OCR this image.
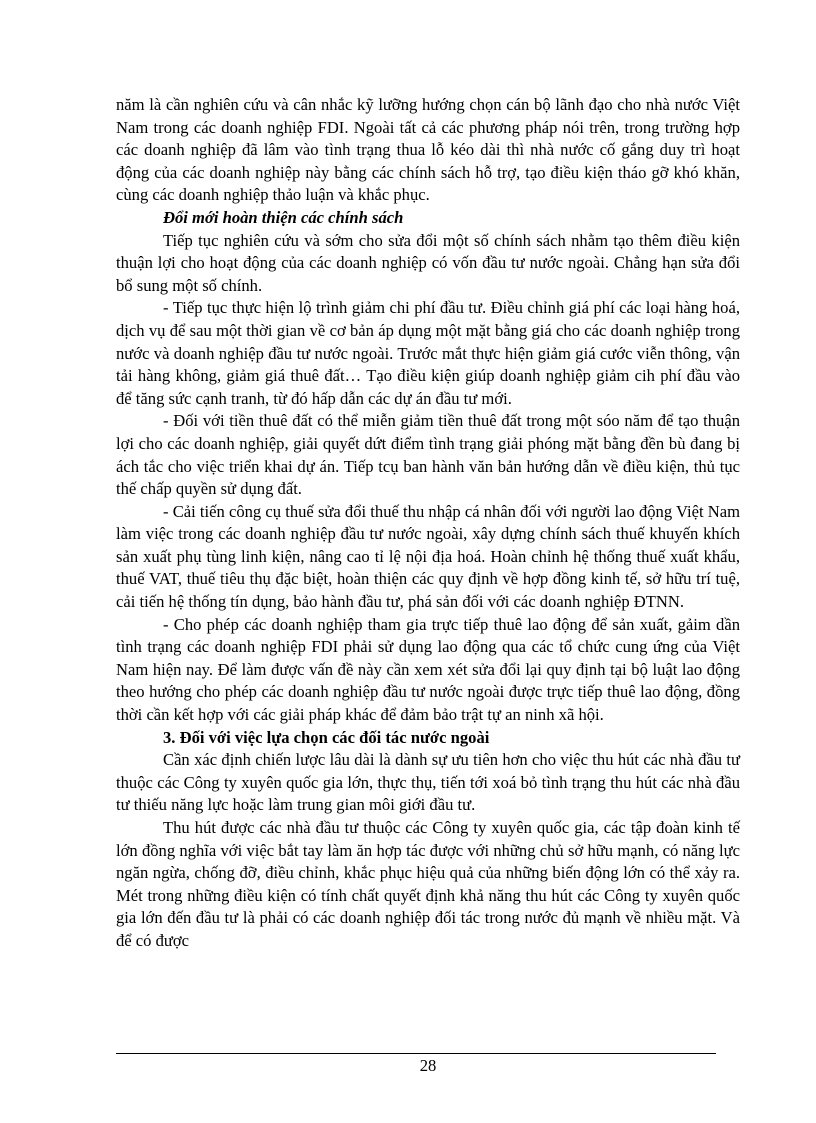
năm là cần nghiên cứu và cân nhắc kỹ lưỡng hướng chọn cán bộ lãnh đạo cho nhà nước Việt Nam trong các doanh nghiệp FDI. Ngoài tất cả các phương pháp nói trên, trong trường hợp các doanh nghiệp đã lâm vào tình trạng thua lỗ kéo dài thì nhà nước cố gắng duy trì hoạt động của các doanh nghiệp này bằng các chính sách hỗ trợ, tạo điều kiện tháo gỡ khó khăn, cùng các doanh nghiệp thảo luận và khắc phục.

Đổi mới hoàn thiện các chính sách

Tiếp tục nghiên cứu và sớm cho sửa đổi một số chính sách nhằm tạo thêm điều kiện thuận lợi cho hoạt động của các doanh nghiệp có vốn đầu tư nước ngoài. Chẳng hạn sửa đổi bổ sung một số chính.

- Tiếp tục thực hiện lộ trình giảm chi phí đầu tư. Điều chỉnh giá phí các loại hàng hoá, dịch vụ để sau một thời gian về cơ bản áp dụng một mặt bằng giá cho các doanh nghiệp trong nước và doanh nghiệp đầu tư nước ngoài. Trước mắt thực hiện giảm giá cước viễn thông, vận tải hàng không, giảm giá thuê đất… Tạo điều kiện giúp doanh nghiệp giảm cih phí đầu vào để tăng sức cạnh tranh, từ đó hấp dẫn các dự án đầu tư mới.

- Đối với tiền thuê đất có thể miễn giảm tiền thuê đất trong một sóo năm để tạo thuận lợi cho các doanh nghiệp, giải quyết dứt điểm tình trạng giải phóng mặt bằng đền bù đang bị ách tắc cho việc triển khai dự án. Tiếp tcụ ban hành văn bản hướng dẫn về điều kiện, thủ tục thế chấp quyền sử dụng đất.

- Cải tiến công cụ thuế sửa đổi thuế thu nhập cá nhân đối với người lao động Việt Nam làm việc trong các doanh nghiệp đầu tư nước ngoài, xây dựng chính sách thuế khuyến khích sản xuất phụ tùng linh kiện, nâng cao tỉ lệ nội địa hoá. Hoàn chỉnh hệ thống thuế xuất khẩu, thuế VAT, thuế tiêu thụ đặc biệt, hoàn thiện các quy định về hợp đồng kinh tế, sở hữu trí tuệ, cải tiến hệ thống tín dụng, bảo hành đầu tư, phá sản đối với các doanh nghiệp ĐTNN.

- Cho phép các doanh nghiệp tham gia trực tiếp thuê lao động để sản xuất, gảim dần tình trạng các doanh nghiệp FDI phải sử dụng lao động qua các tổ chức cung ứng của Việt Nam hiện nay. Để làm được vấn đề này cần xem xét sửa đổi lại quy định tại bộ luật lao động theo hướng cho phép các doanh nghiệp đầu tư nước ngoài được trực tiếp thuê lao động, đồng thời cần kết hợp với các giải pháp khác để đảm bảo trật tự an ninh xã hội.

3. Đối với việc lựa chọn các đối tác nước ngoài

Cần xác định chiến lược lâu dài là dành sự ưu tiên hơn cho việc thu hút các nhà đầu tư thuộc các Công ty xuyên quốc gia lớn, thực thụ, tiến tới xoá bỏ tình trạng thu hút các nhà đầu tư thiếu năng lực hoặc làm trung gian môi giới đầu tư.

Thu hút được các nhà đầu tư thuộc các Công ty xuyên quốc gia, các tập đoàn kinh tế lớn đồng nghĩa với việc bắt tay làm ăn hợp tác được với những chủ sở hữu mạnh, có năng lực ngăn ngừa, chống đỡ, điều chỉnh, khắc phục hiệu quả của những biến động lớn có thể xảy ra. Mét trong những điều kiện có tính chất quyết định khả năng thu hút các Công ty xuyên quốc gia lớn đến đầu tư là phải có các doanh nghiệp đối tác trong nước đủ mạnh về nhiều mặt. Và để có được

28
